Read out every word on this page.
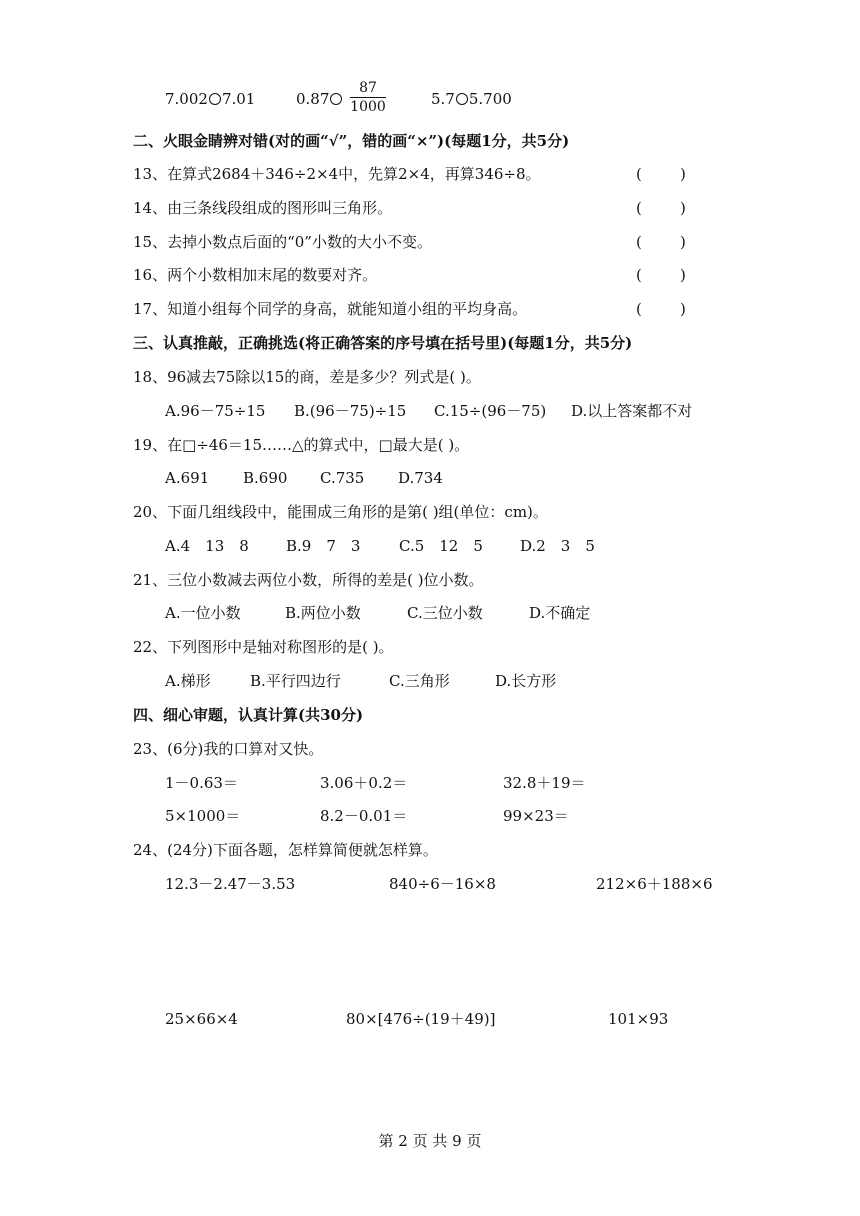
7.002 7.01	0.87	$\frac{87}{1000}$	5.7 5.700
二、火眼金睛辨对错(对的画“√”，错的画“×”)(每题1分，共5分)
13、在算式2684＋346÷2×4中，先算2×4，再算346÷8。	(        )
14、由三条线段组成的图形叫三角形。	(        )
15、去掉小数点后面的“0”小数的大小不变。	(        )
16、两个小数相加末尾的数要对齐。	(        )
17、知道小组每个同学的身高，就能知道小组的平均身高。	(        )
三、认真推敲，正确挑选(将正确答案的序号填在括号里)(每题1分，共5分)
18、96减去75除以15的商，差是多少？列式是( )。
A.96－75÷15 B.(96－75)÷15 C.15÷(96－75) D.以上答案都不对
19、在□÷46＝15……△的算式中，□最大是( )。
A.691 B.690 C.735 D.734
20、下面几组线段中，能围成三角形的是第( )组(单位：cm)。
A.4　13　8 B.9　7　3	C.5　12　5 D.2　3　5
21、三位小数减去两位小数，所得的差是( )位小数。
A.一位小数	B.两位小数	C.三位小数	D.不确定
22、下列图形中是轴对称图形的是( )。
A.梯形	B.平行四边行	C.三角形	D.长方形
四、细心审题，认真计算(共30分)
23、(6分)我的口算对又快。
1－0.63＝	3.06＋0.2＝	32.8＋19＝
5×1000＝	8.2－0.01＝	99×23＝
24、(24分)下面各题，怎样算简便就怎样算。
12.3－2.47－3.53	840÷6－16×8	212×6＋188×6
25×66×4	80×[476÷(19＋49)]	101×93
第 2 页 共 9 页
